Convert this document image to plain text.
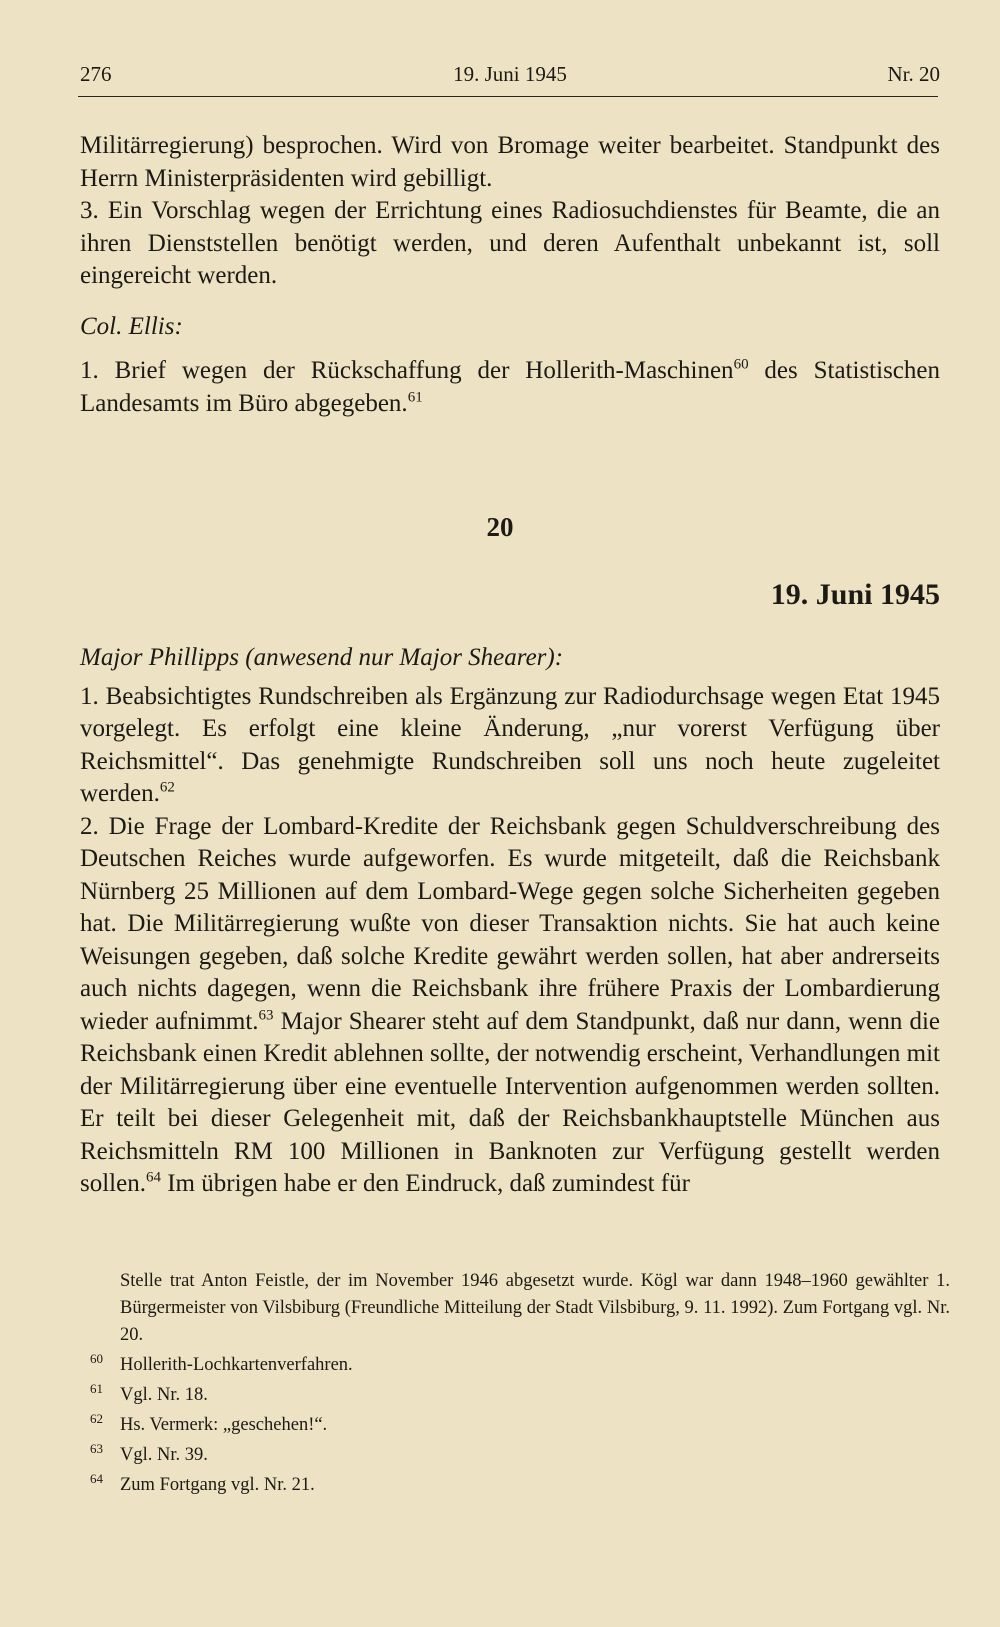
276	19. Juni 1945	Nr. 20

Militärregierung) besprochen. Wird von Bromage weiter bearbeitet. Standpunkt des Herrn Ministerpräsidenten wird gebilligt.

3. Ein Vorschlag wegen der Errichtung eines Radiosuchdienstes für Beamte, die an ihren Dienststellen benötigt werden, und deren Aufenthalt unbekannt ist, soll eingereicht werden.

Col. Ellis:

1. Brief wegen der Rückschaffung der Hollerith-Maschinen$^{60}$ des Statistischen Landesamts im Büro abgegeben.$^{61}$

20
19. Juni 1945

Major Phillipps (anwesend nur Major Shearer):

1. Beabsichtigtes Rundschreiben als Ergänzung zur Radiodurchsage wegen Etat 1945 vorgelegt. Es erfolgt eine kleine Änderung, „nur vorerst Verfügung über Reichsmittel“. Das genehmigte Rundschreiben soll uns noch heute zugeleitet werden.$^{62}$

2. Die Frage der Lombard-Kredite der Reichsbank gegen Schuldverschreibung des Deutschen Reiches wurde aufgeworfen. Es wurde mitgeteilt, daß die Reichsbank Nürnberg 25 Millionen auf dem Lombard-Wege gegen solche Sicherheiten gegeben hat. Die Militärregierung wußte von dieser Transaktion nichts. Sie hat auch keine Weisungen gegeben, daß solche Kredite gewährt werden sollen, hat aber andrerseits auch nichts dagegen, wenn die Reichsbank ihre frühere Praxis der Lombardierung wieder aufnimmt.$^{63}$ Major Shearer steht auf dem Standpunkt, daß nur dann, wenn die Reichsbank einen Kredit ablehnen sollte, der notwendig erscheint, Verhandlungen mit der Militärregierung über eine eventuelle Intervention aufgenommen werden sollten. Er teilt bei dieser Gelegenheit mit, daß der Reichsbankhauptstelle München aus Reichsmitteln RM 100 Millionen in Banknoten zur Verfügung gestellt werden sollen.$^{64}$ Im übrigen habe er den Eindruck, daß zumindest für

Stelle trat Anton Feistle, der im November 1946 abgesetzt wurde. Kögl war dann 1948–1960 gewählter 1. Bürgermeister von Vilsbiburg (Freundliche Mitteilung der Stadt Vilsbiburg, 9. 11. 1992). Zum Fortgang vgl. Nr. 20.

60 Hollerith-Lochkartenverfahren.

61 Vgl. Nr. 18.

62 Hs. Vermerk: „geschehen!“.

63 Vgl. Nr. 39.

64 Zum Fortgang vgl. Nr. 21.
